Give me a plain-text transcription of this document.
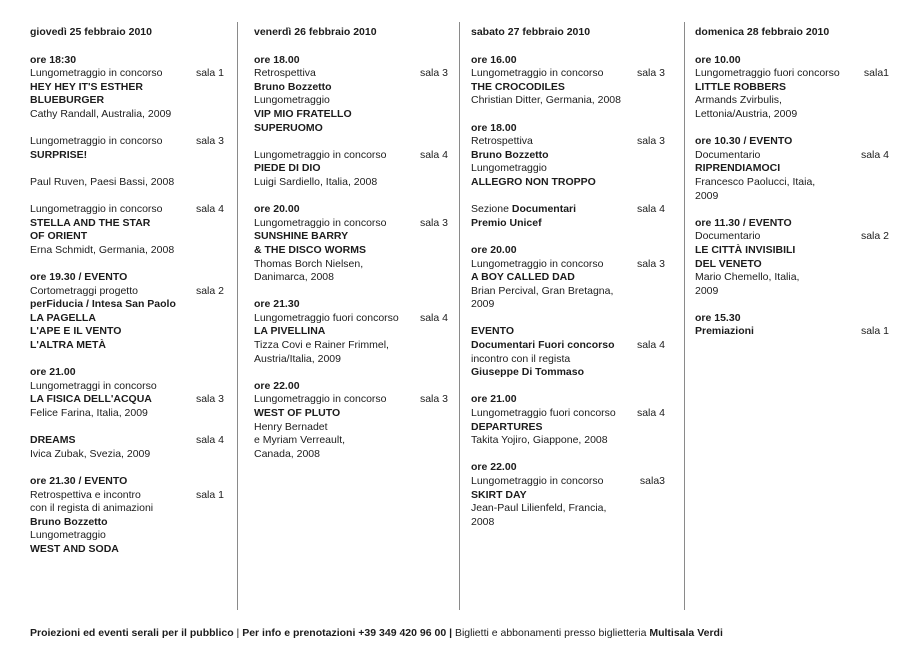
giovedì 25 febbraio 2010
ore 18:30
Lungometraggio in concorso	sala 1
HEY HEY IT'S ESTHER
BLUEBURGER
Cathy Randall, Australia, 2009
Lungometraggio in concorso	sala 3
SURPRISE!
Paul Ruven, Paesi Bassi, 2008
Lungometraggio in concorso	sala 4
STELLA AND THE STAR
OF ORIENT
Erna Schmidt, Germania, 2008
ore 19.30 / EVENTO
Cortometraggi progetto	sala 2
perFiducia / Intesa San Paolo
LA PAGELLA
L'APE E IL VENTO
L'ALTRA METÀ
ore 21.00
Lungometraggi in concorso
LA FISICA DELL'ACQUA	sala 3
Felice Farina, Italia, 2009
DREAMS	sala 4
Ivica Zubak, Svezia, 2009
ore 21.30 / EVENTO
Retrospettiva e incontro	sala 1
con il regista di animazioni
Bruno Bozzetto
Lungometraggio
WEST AND SODA
venerdì 26 febbraio 2010
ore 18.00
Retrospettiva	sala 3
Bruno Bozzetto
Lungometraggio
VIP MIO FRATELLO
SUPERUOMO
Lungometraggio in concorso	sala 4
PIEDE DI DIO
Luigi Sardiello, Italia, 2008
ore 20.00
Lungometraggio in concorso	sala 3
SUNSHINE BARRY
& THE DISCO WORMS
Thomas Borch Nielsen,
Danimarca, 2008
ore 21.30
Lungometraggio fuori concorso sala 4
LA PIVELLINA
Tizza Covi e Rainer Frimmel,
Austria/Italia, 2009
ore 22.00
Lungometraggio in concorso	sala 3
WEST OF PLUTO
Henry Bernadet
e Myriam Verreault,
Canada, 2008
sabato 27 febbraio 2010
ore 16.00
Lungometraggio in concorso	sala 3
THE CROCODILES
Christian Ditter, Germania, 2008
ore 18.00
Retrospettiva	sala 3
Bruno Bozzetto
Lungometraggio
ALLEGRO NON TROPPO
Sezione Documentari	sala 4
Premio Unicef
ore 20.00
Lungometraggio in concorso	sala 3
A BOY CALLED DAD
Brian Percival, Gran Bretagna,
2009
EVENTO
Documentari Fuori concorso sala 4
incontro con il regista
Giuseppe Di Tommaso
ore 21.00
Lungometraggio fuori concorso sala 4
DEPARTURES
Takita Yojiro, Giappone, 2008
ore 22.00
Lungometraggio in concorso	sala3
SKIRT DAY
Jean-Paul Lilienfeld, Francia,
2008
domenica 28 febbraio 2010
ore 10.00
Lungometraggio fuori concorso sala1
LITTLE ROBBERS
Armands Zvirbulis,
Lettonia/Austria, 2009
ore 10.30 / EVENTO
Documentario	sala 4
RIPRENDIAMOCI
Francesco Paolucci, Itaia,
2009
ore 11.30 / EVENTO
Documentario	sala 2
LE CITTÀ INVISIBILI
DEL VENETO
Mario Chemello, Italia,
2009
ore 15.30
Premiazioni	sala 1
Proiezioni ed eventi serali per il pubblico | Per info e prenotazioni +39 349 420 96 00 | Biglietti e abbonamenti presso biglietteria Multisala Verdi
